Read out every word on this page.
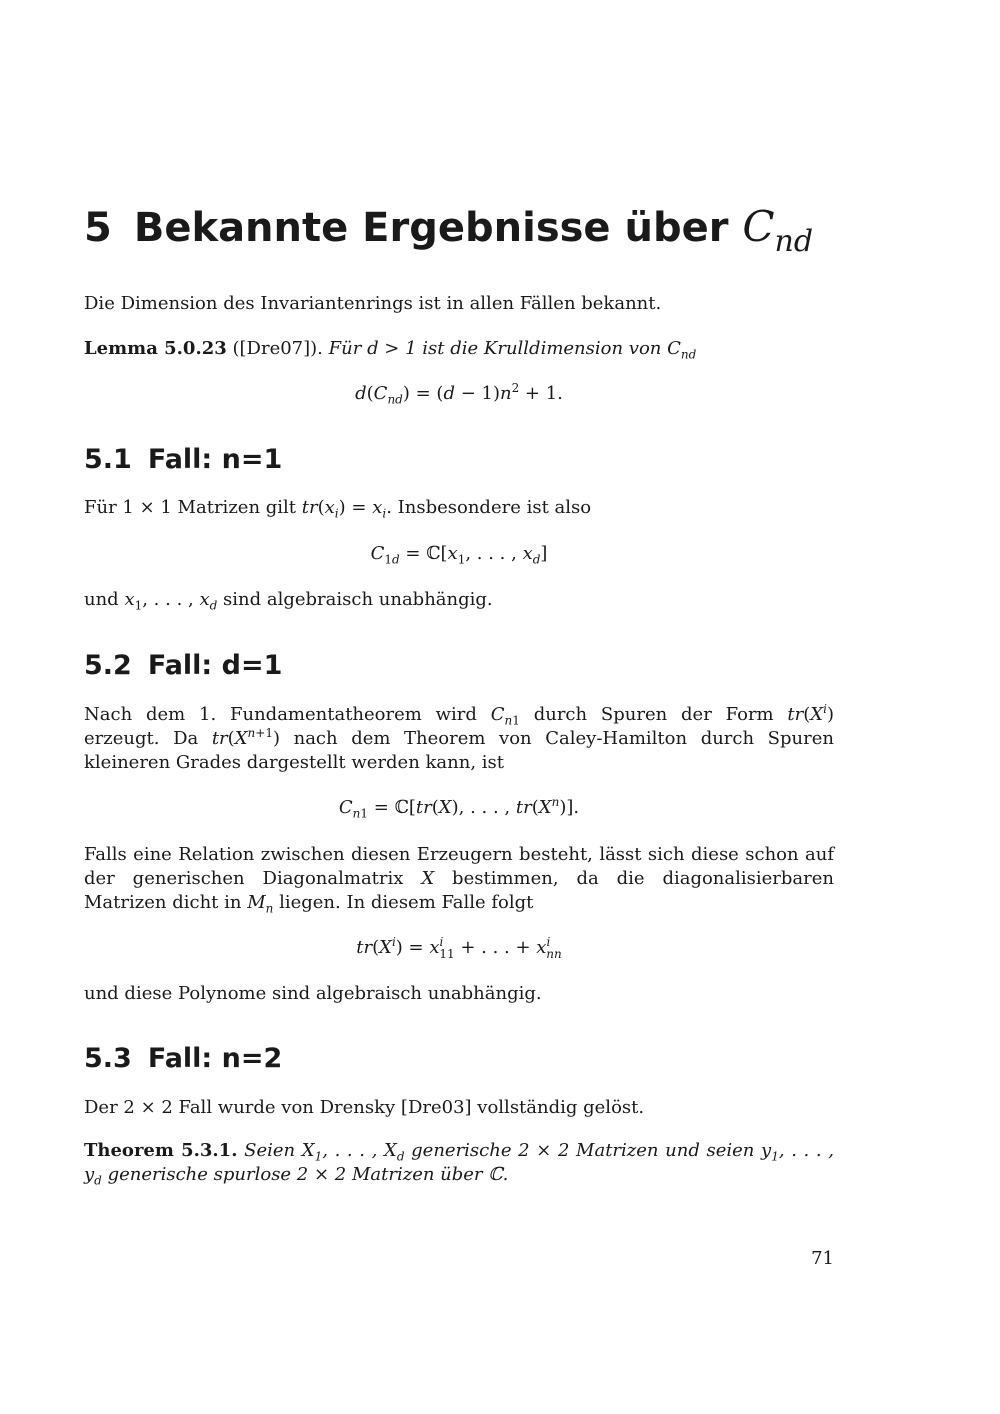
5 Bekannte Ergebnisse über $C_{nd}$
Die Dimension des Invariantenrings ist in allen Fällen bekannt.
Lemma 5.0.23 ([Dre07]). Für d > 1 ist die Krulldimension von $C_{nd}$
$d(C_{nd}) = (d - 1)n^2 + 1$.
5.1 Fall: n=1
Für 1 × 1 Matrizen gilt $tr(x_i) = x_i$. Insbesondere ist also
$C_{1d}$ = $ℂ[x_1$, . . . , $x_d$]
und $x_1$, . . . , $x_d$ sind algebraisch unabhängig.
5.2 Fall: d=1
Nach dem 1. Fundamentatheorem wird $C_{n1}$ durch Spuren der Form $tr(X^i)$ erzeugt. Da $tr(X^{n+1})$ nach dem Theorem von Caley-Hamilton durch Spuren kleineren Grades dargestellt werden kann, ist
$C_{n1}$ = ℂ[tr(X), . . . , $tr(X^n)$].
Falls eine Relation zwischen diesen Erzeugern besteht, lässt sich diese schon auf der generischen Diagonalmatrix X bestimmen, da die diagonalisierbaren Matrizen dicht in $M_n$ liegen. In diesem Falle folgt
$tr(X^i) = x^i_{11}$ + . . . + $x^i_{nn}$
und diese Polynome sind algebraisch unabhängig.
5.3 Fall: n=2
Der 2 × 2 Fall wurde von Drensky [Dre03] vollständig gelöst.
Theorem 5.3.1. Seien $X_1$, . . . , $X_d$ generische 2 × 2 Matrizen und seien $y_1$, . . . , $y_d$ generische spurlose 2 × 2 Matrizen über ℂ.
71
